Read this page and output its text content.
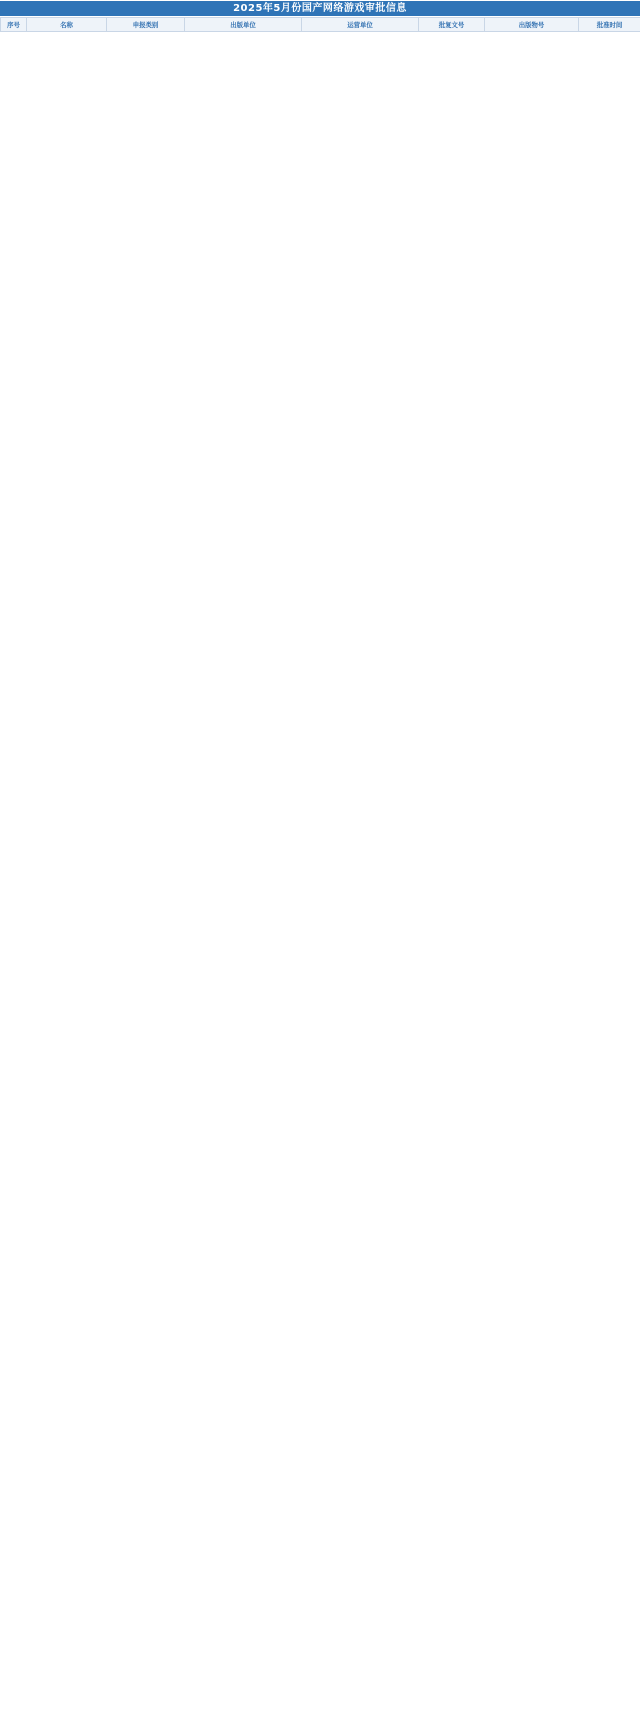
2025年5月份国产网络游戏审批信息
序号	名称	申报类别	出版单位	运营单位	批复文号	出版物号	批准时间
